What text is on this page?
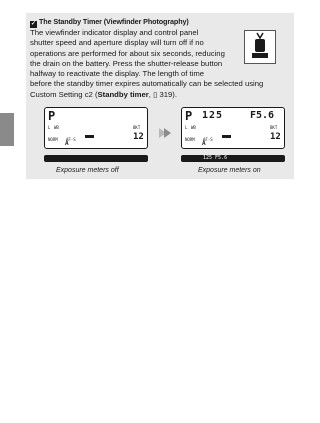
✓ The Standby Timer (Viewfinder Photography)
The viewfinder indicator display and control panel
shutter speed and aperture display will turn off if no
operations are performed for about six seconds, reducing
the drain on the battery. Press the shutter-release button
halfway to reactivate the display. The length of time
before the standby timer expires automatically can be selected using
Custom Setting c2 (Standby timer, ▯ 319).
P
L WB	BKT
NORM AF-S	12
A
P 125	F5.6
L WB	BKT
NORM AF-S	12
A
125 F5.6
Exposure meters off	Exposure meters on
